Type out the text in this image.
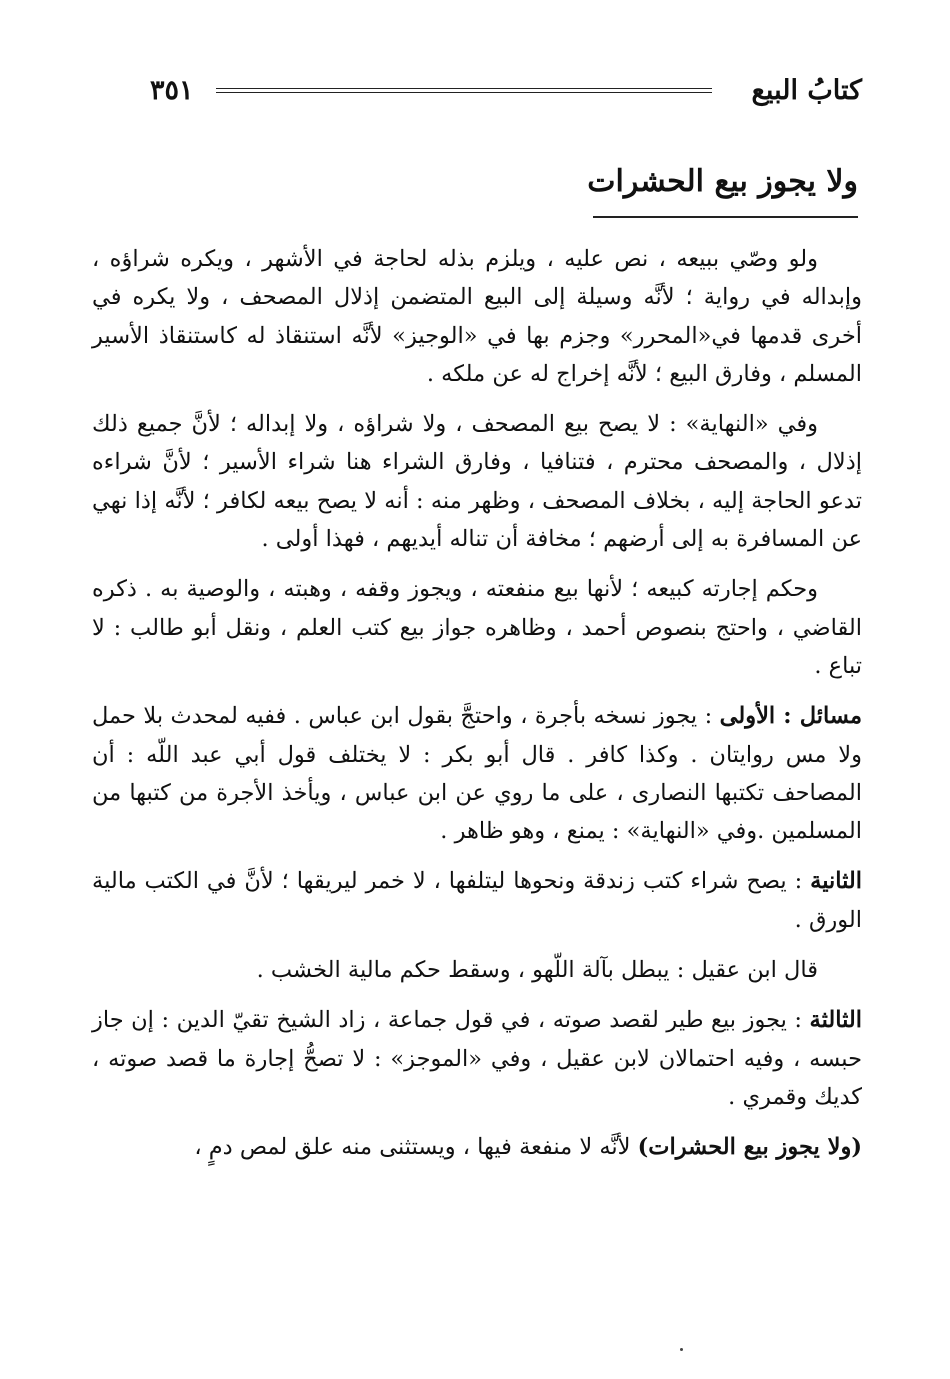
كتابُ البيع
٣٥١
ولا يجوز بيع الحشرات

ولو وصّي ببيعه ، نص عليه ، ويلزم بذله لحاجة في الأشهر ، ويكره شراؤه ، وإبداله في رواية ؛ لأنَّه وسيلة إلى البيع المتضمن إذلال المصحف ، ولا يكره في أخرى قدمها في«المحرر» وجزم بها في «الوجيز» لأنَّه استنقاذ له كاستنقاذ الأسير المسلم ، وفارق البيع ؛ لأنَّه إخراج له عن ملكه .

وفي «النهاية» : لا يصح بيع المصحف ، ولا شراؤه ، ولا إبداله ؛ لأنَّ جميع ذلك إذلال ، والمصحف محترم ، فتنافيا ، وفارق الشراء هنا شراء الأسير ؛ لأنَّ شراءه تدعو الحاجة إليه ، بخلاف المصحف ، وظهر منه : أنه لا يصح بيعه لكافر ؛ لأنَّه إذا نهي عن المسافرة به إلى أرضهم ؛ مخافة أن تناله أيديهم ، فهذا أولى .

وحكم إجارته كبيعه ؛ لأنها بيع منفعته ، ويجوز وقفه ، وهبته ، والوصية به . ذكره القاضي ، واحتج بنصوص أحمد ، وظاهره جواز بيع كتب العلم ، ونقل أبو طالب : لا تباع .

مسائل : الأولى : يجوز نسخه بأجرة ، واحتجَّ بقول ابن عباس . ففيه لمحدث بلا حمل ولا مس روايتان . وكذا كافر . قال أبو بكر : لا يختلف قول أبي عبد اللّه : أن المصاحف تكتبها النصارى ، على ما روي عن ابن عباس ، ويأخذ الأجرة من كتبها من المسلمين .وفي «النهاية» : يمنع ، وهو ظاهر .

الثانية : يصح شراء كتب زندقة ونحوها ليتلفها ، لا خمر ليريقها ؛ لأنَّ في الكتب مالية الورق .

قال ابن عقيل : يبطل بآلة اللّهو ، وسقط حكم مالية الخشب .

الثالثة : يجوز بيع طير لقصد صوته ، في قول جماعة ، زاد الشيخ تقيّ الدين : إن جاز حبسه ، وفيه احتمالان لابن عقيل ، وفي «الموجز» : لا تصحُّ إجارة ما قصد صوته ، كديك وقمري .

(ولا يجوز بيع الحشرات) لأنَّه لا منفعة فيها ، ويستثنى منه علق لمص دمٍ ،
